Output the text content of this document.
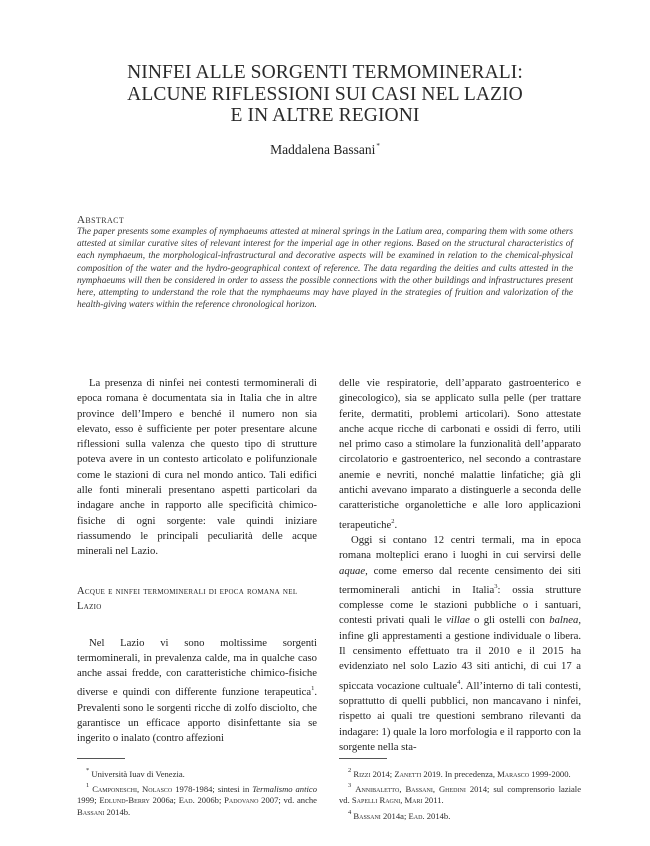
NINFEI ALLE SORGENTI TERMOMINERALI:
ALCUNE RIFLESSIONI SUI CASI NEL LAZIO
E IN ALTRE REGIONI
Maddalena Bassani*
Abstract
The paper presents some examples of nymphaeums attested at mineral springs in the Latium area, comparing them with some others attested at similar curative sites of relevant interest for the imperial age in other regions. Based on the structural characteristics of each nymphaeum, the morphological-infrastructural and decorative aspects will be examined in relation to the chemical-physical composition of the water and the hydro-geographical context of reference. The data regarding the deities and cults attested in the nymphaeums will then be considered in order to assess the possible connections with the other buildings and infrastructures present here, attempting to understand the role that the nymphaeums may have played in the strategies of fruition and valorization of the health-giving waters within the reference chronological horizon.

La presenza di ninfei nei contesti termominerali di epoca romana è documentata sia in Italia che in altre province dell’Impero e benché il numero non sia elevato, esso è sufficiente per poter presentare alcune riflessioni sulla valenza che questo tipo di strutture poteva avere in un contesto articolato e polifunzionale come le stazioni di cura nel mondo antico. Tali edifici alle fonti minerali presentano aspetti particolari da indagare anche in rapporto alle specificità chimico-fisiche di ogni sorgente: vale quindi iniziare riassumendo le principali peculiarità delle acque minerali nel Lazio.

Acque e ninfei termominerali di epoca romana nel Lazio

Nel Lazio vi sono moltissime sorgenti termominerali, in prevalenza calde, ma in qualche caso anche assai fredde, con caratteristiche chimico-fisiche diverse e quindi con differente funzione terapeutica$^1$. Prevalenti sono le sorgenti ricche di zolfo disciolto, che garantisce un efficace apporto disinfettante sia se ingerito o inalato (contro affezioni

delle vie respiratorie, dell’apparato gastroenterico e ginecologico), sia se applicato sulla pelle (per trattare ferite, dermatiti, problemi articolari). Sono attestate anche acque ricche di carbonati e ossidi di ferro, utili nel primo caso a stimolare la funzionalità dell’apparato circolatorio e gastroenterico, nel secondo a contrastare anemie e nevriti, nonché malattie linfatiche; già gli antichi avevano imparato a distinguerle a seconda delle caratteristiche organolettiche e alle loro applicazioni terapeutiche$^2$.

Oggi si contano 12 centri termali, ma in epoca romana molteplici erano i luoghi in cui servirsi delle aquae, come emerso dal recente censimento dei siti termominerali antichi in Italia$^3$: ossia strutture complesse come le stazioni pubbliche o i santuari, contesti privati quali le villae o gli ostelli con balnea, infine gli apprestamenti a gestione individuale o libera. Il censimento effettuato tra il 2010 e il 2015 ha evidenziato nel solo Lazio 43 siti antichi, di cui 17 a spiccata vocazione cultuale$^4$. All’interno di tali contesti, soprattutto di quelli pubblici, non mancavano i ninfei, rispetto ai quali tre questioni sembrano rilevanti da indagare: 1) quale la loro morfologia e il rapporto con la sorgente nella sta-

* Università Iuav di Venezia.
$^1$ Camponeschi, Nolasco 1978-1984; sintesi in Termalismo antico 1999; Edlund-Berry 2006a; Ead. 2006b; Padovano 2007; vd. anche Bassani 2014b.
$^2$ Rizzi 2014; Zanetti 2019. In precedenza, Marasco 1999-2000.
$^3$ Annibaletto, Bassani, Ghedini 2014; sul comprensorio laziale vd. Sapelli Ragni, Mari 2011.
$^4$ Bassani 2014a; Ead. 2014b.
